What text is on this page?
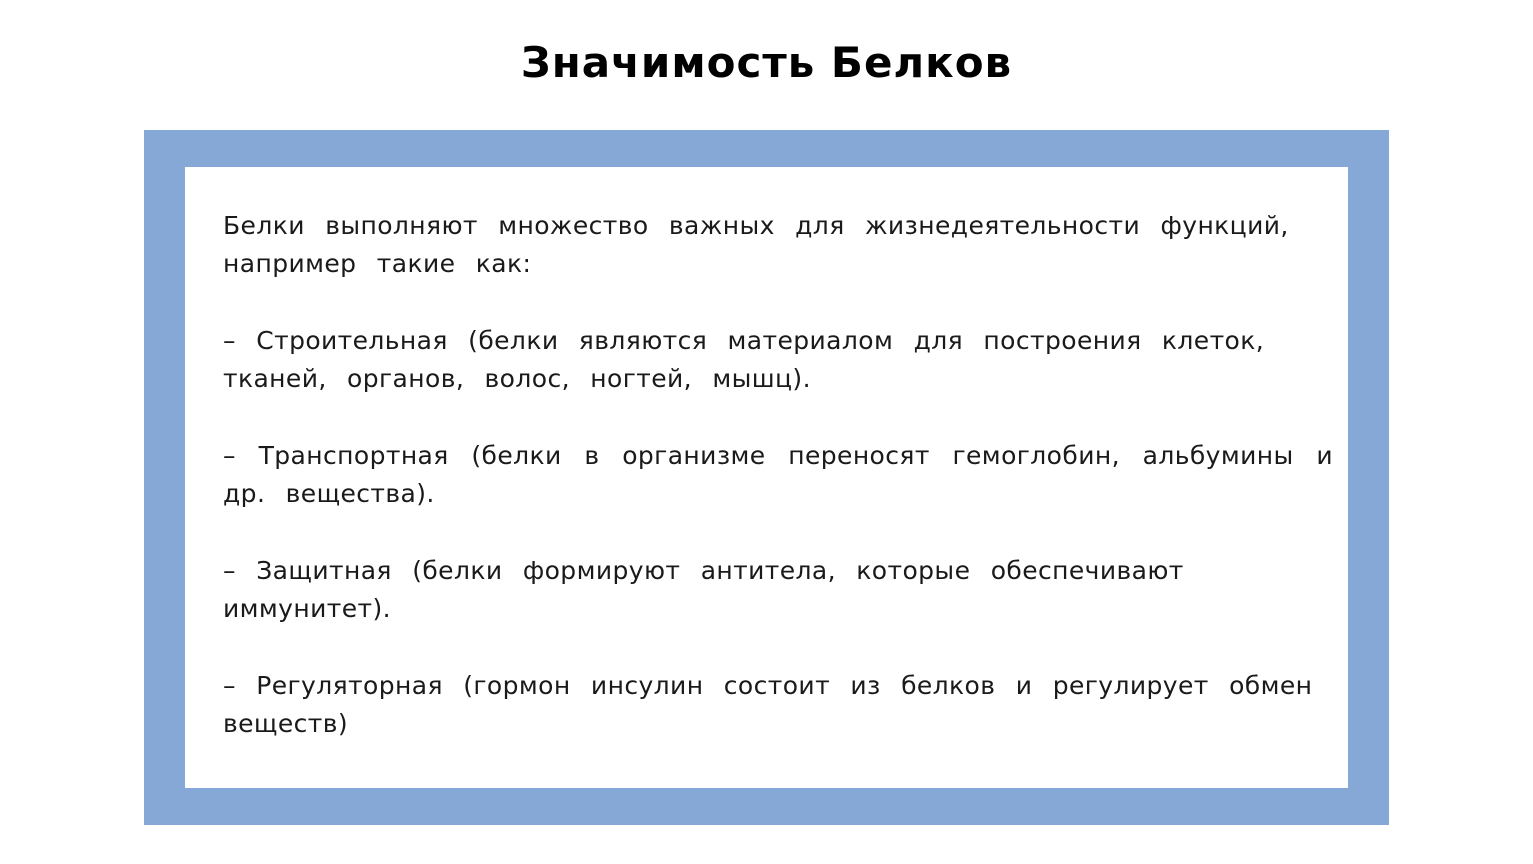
Значимость Белков

Белки выполняют множество важных для жизнедеятельности функций, например такие как:

– Строительная (белки являются материалом для построения клеток, тканей, органов, волос, ногтей, мышц).

– Транспортная (белки в организме переносят гемоглобин, альбумины и др. вещества).

– Защитная (белки формируют антитела, которые обеспечивают иммунитет).

– Регуляторная (гормон инсулин состоит из белков и регулирует обмен веществ)
